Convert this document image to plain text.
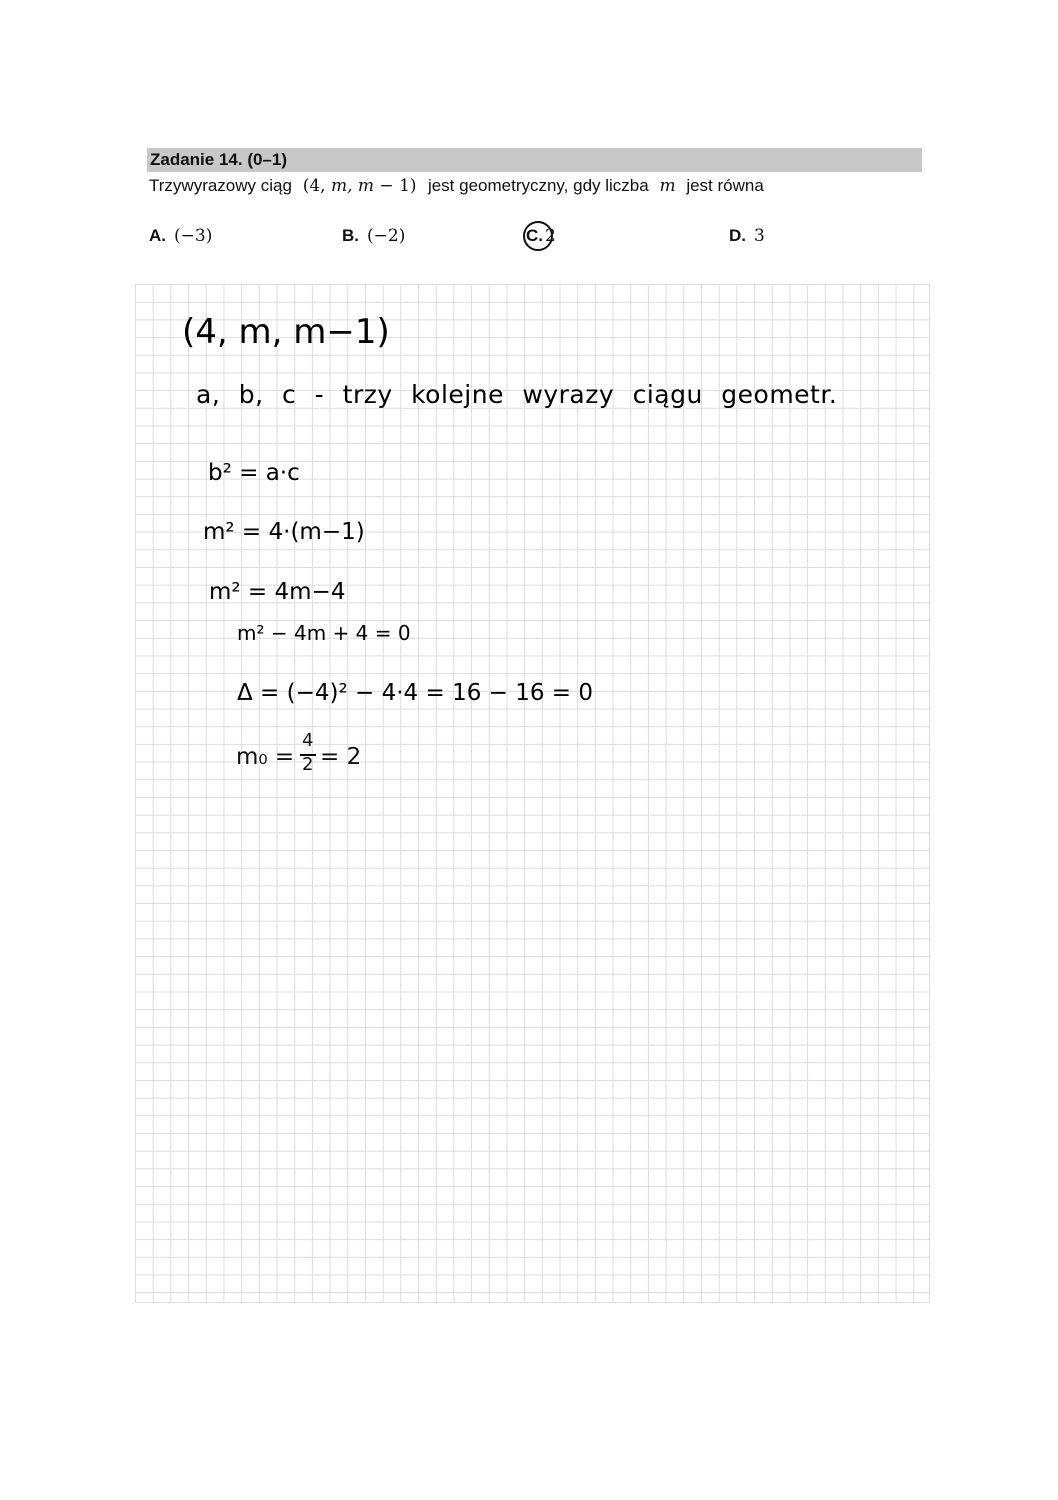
Zadanie 14. (0–1)
Trzywyrazowy ciąg (4, m, m − 1) jest geometryczny, gdy liczba m jest równa
A. (−3)	B. (−2)	C. 2	D. 3
(4, m, m−1)
a, b, c - trzy kolejne wyrazy ciągu geometr.
b² = a·c
m² = 4·(m−1)
m² = 4m−4
m² − 4m + 4 = 0
Δ = (−4)² − 4·4 = 16 − 16 = 0
m₀ =
4
2 = 2
